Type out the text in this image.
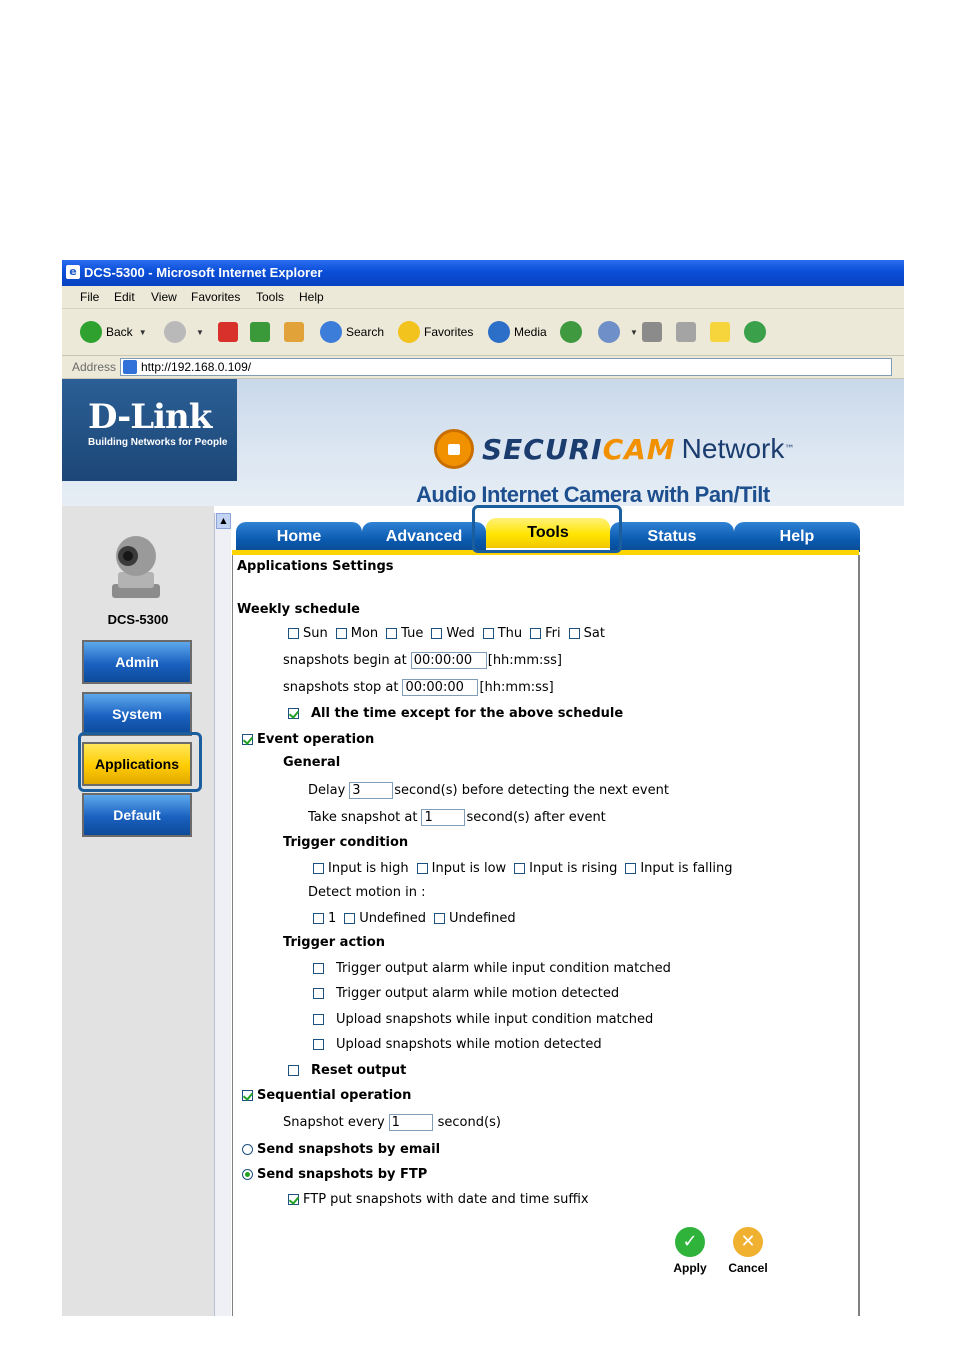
e DCS-5300 - Microsoft Internet Explorer
File Edit View Favorites Tools Help
Back ▼	▼	Search	Favorites	Media	▼
Address	http://192.168.0.109/
D-Link
Building Networks for People	SECURI CAM Network ™
Audio Internet Camera with Pan/Tilt
DCS-5300
Admin
System
Applications
Default
▲
Home	Advanced	Tools	Status	Help
Applications Settings
Weekly schedule
Sun Mon Tue Wed Thu Fri Sat
snapshots begin at 00:00:00	[hh:mm:ss]
snapshots stop at 00:00:00	[hh:mm:ss]
All the time except for the above schedule
Event operation
General
Delay 3	second(s) before detecting the next event
Take snapshot at 1	second(s) after event
Trigger condition
Input is high Input is low Input is rising Input is falling
Detect motion in :
1 Undefined Undefined
Trigger action
Trigger output alarm while input condition matched
Trigger output alarm while motion detected
Upload snapshots while input condition matched
Upload snapshots while motion detected
Reset output
Sequential operation
Snapshot every 1	second(s)
Send snapshots by email
Send snapshots by FTP
FTP put snapshots with date and time suffix
✓
Apply
✕
Cancel
